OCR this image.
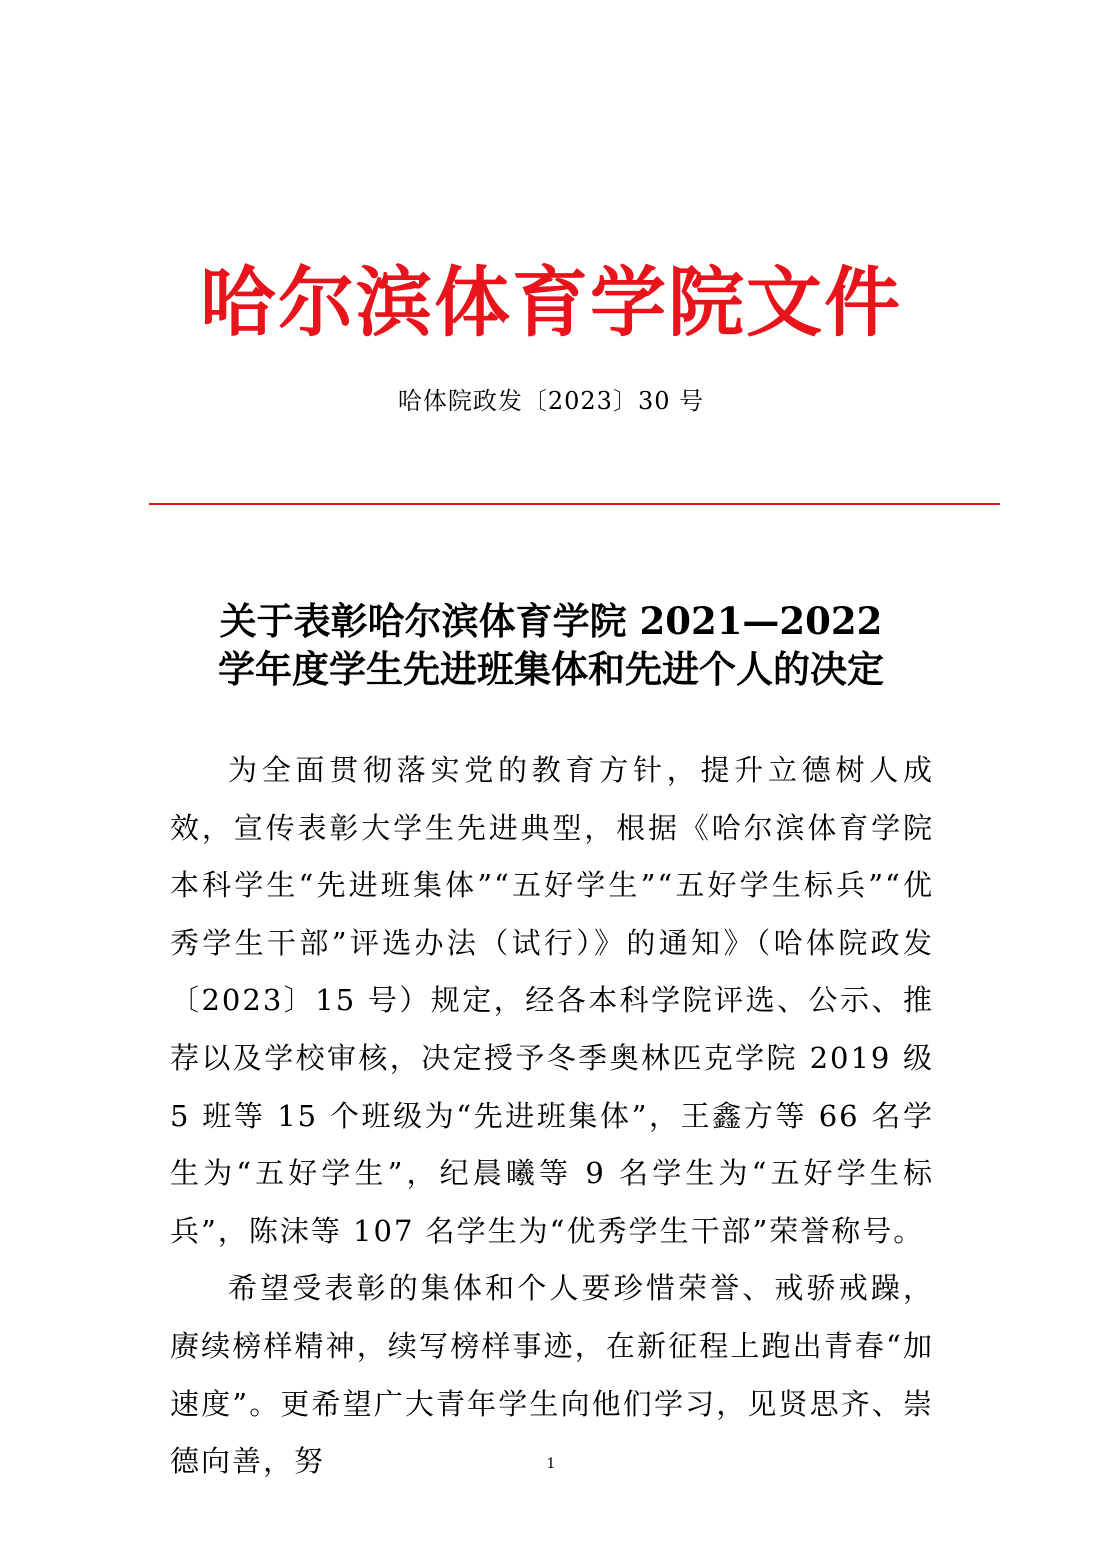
哈尔滨体育学院文件
哈体院政发〔2023〕30 号
关于表彰哈尔滨体育学院 2021—2022
学年度学生先进班集体和先进个人的决定

为全面贯彻落实党的教育方针，提升立德树人成效，宣传表彰大学生先进典型，根据《哈尔滨体育学院本科学生“先进班集体”“五好学生”“五好学生标兵”“优秀学生干部”评选办法（试行）》的通知》（哈体院政发〔2023〕15 号）规定，经各本科学院评选、公示、推荐以及学校审核，决定授予冬季奥林匹克学院 2019 级 5 班等 15 个班级为“先进班集体”，王鑫方等 66 名学生为“五好学生”，纪晨曦等 9 名学生为“五好学生标兵”，陈沫等 107 名学生为“优秀学生干部”荣誉称号。

希望受表彰的集体和个人要珍惜荣誉、戒骄戒躁，赓续榜样精神，续写榜样事迹，在新征程上跑出青春“加速度”。更希望广大青年学生向他们学习，见贤思齐、崇德向善，努	1
